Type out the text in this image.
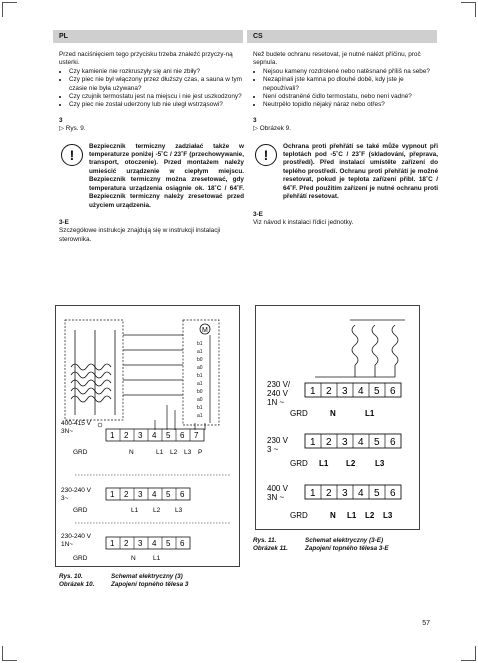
PL	CS

Przed naciśnięciem tego przycisku trzeba znaleźć przyczy-ną usterki.

• Czy kamienie nie rozkruszyły się ani nie zbiły?
• Czy piec nie był włączony przez dłuższy czas, a sauna w tym czasie nie była używana?
• Czy czujnik termostatu jest na miejscu i nie jest uszkodzony?
• Czy piec nie został uderzony lub nie uległ wstrząsowi?

3

▷ Rys. 9.

!
Bezpiecznik termiczny zadziałać także w temperaturze poniżej -5˚C / 23˚F (przechowywanie, transport, otoczenie). Przed montażem należy umieścić urządzenie w ciepłym miejscu. Bezpiecznik termiczny można zresetować, gdy temperatura urządzenia osiągnie ok. 18˚C / 64˚F. Bezpiecznik termiczny należy zresetować przed użyciem urządzenia.

3-E

Szczegółowe instrukcje znajdują się w instrukcji instalacji sterownika.

Než budete ochranu resetovat, je nutné nalézt příčinu, proč sepnula.

• Nejsou kameny rozdrolené nebo natěsnané příliš na sebe?
• Nezapínali jste kamna po dlouhé době, kdy jste je nepoužívali?
• Není odstraněné čidlo termostatu, nebo není vadné?
• Neutrpělo topidlo nějaký náraz nebo otřes?

3

▷ Obrázek 9.

!
Ochrana proti přehřátí se také může vypnout při teplotách pod -5˚C / 23˚F (skladování, přeprava, prostředí). Před instalací umístěte zařízení do teplého prostředí. Ochranu proti přehřátí je možné resetovat, pokud je teplota zařízení přibl. 18˚C / 64˚F. Před použitím zařízení je nutné ochranu proti přehřátí resetovat.

3-E

Viz návod k instalaci řídicí jednotky.

M
b1
a1
b0
a0
b1
a1
b0
a0
b1
a1
400-415 V
3N~	1 2 3 4 5 6 7
GRD	N	L1 L2 L3 P
230-240 V
3~	1 2 3 4 5 6
GRD	L1 L2 L3
230-240 V
1N~	1 2 3 4 5 6
GRD	N	L1
230 V/
240 V
1N ~
1 2 3 4 5 6
GRD	N	L1
230 V
3 ~
1 2 3 4 5 6
GRD L1 L2 L3
400 V
3N ~	1 2 3 4 5 6
GRD	N L1 L2 L3
Rys. 10.	Schemat elektryczny (3)
Obrázek 10.	Zapojení topného tělesa 3
Rys. 11.	Schemat elektryczny (3-E)
Obrázek 11.	Zapojení topného tělesa 3-E
57
